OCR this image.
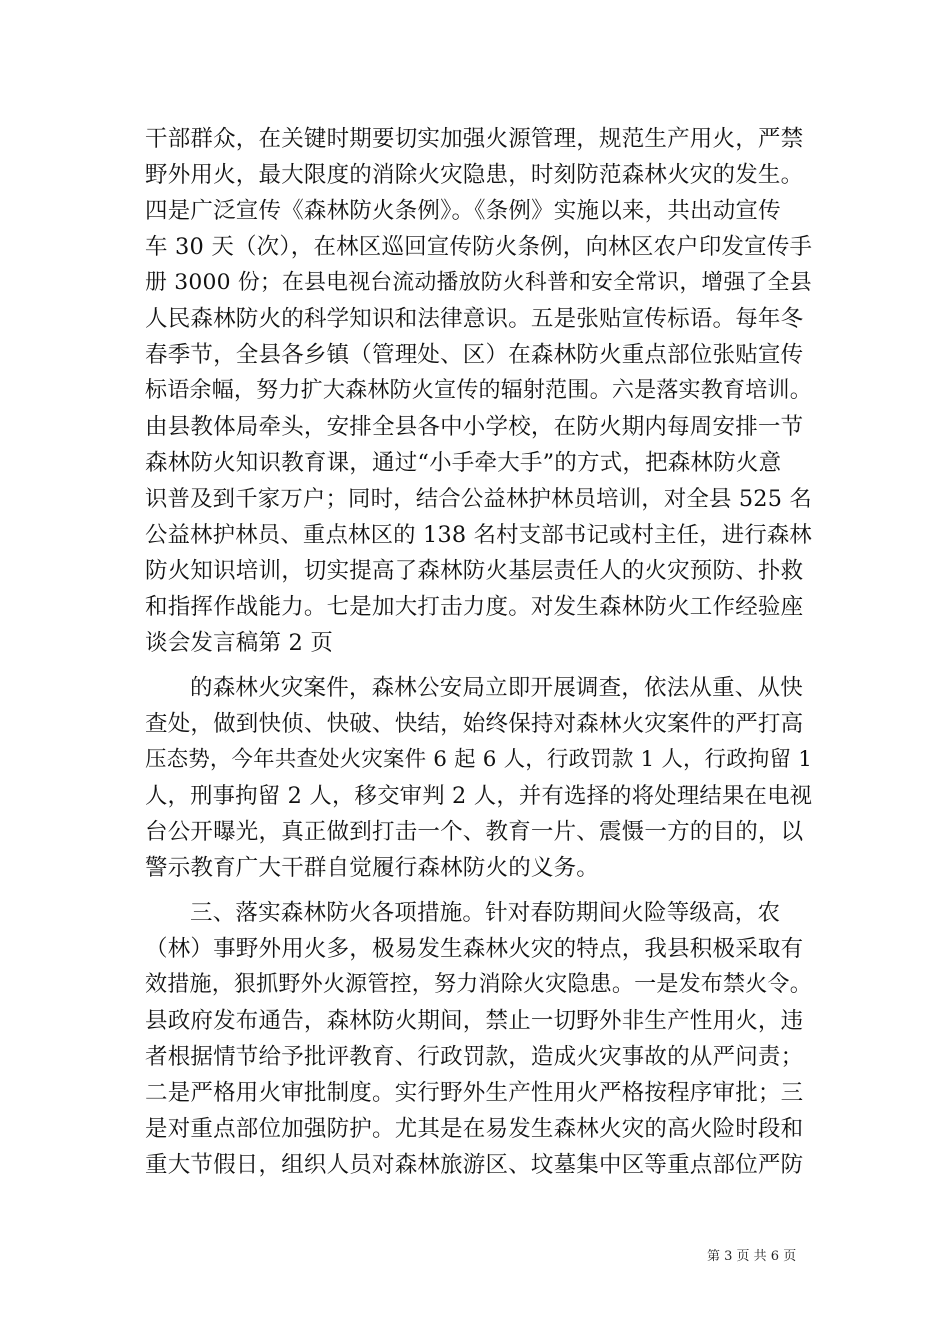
干部群众，在关键时期要切实加强火源管理，规范生产用火，严禁
野外用火，最大限度的消除火灾隐患，时刻防范森林火灾的发生。
四是广泛宣传《森林防火条例》。《条例》实施以来，共出动宣传
车 30 天（次），在林区巡回宣传防火条例，向林区农户印发宣传手
册 3000 份；在县电视台流动播放防火科普和安全常识，增强了全县
人民森林防火的科学知识和法律意识。五是张贴宣传标语。每年冬
春季节，全县各乡镇（管理处、区）在森林防火重点部位张贴宣传
标语余幅，努力扩大森林防火宣传的辐射范围。六是落实教育培训。
由县教体局牵头，安排全县各中小学校，在防火期内每周安排一节
森林防火知识教育课，通过“小手牵大手”的方式，把森林防火意
识普及到千家万户；同时，结合公益林护林员培训，对全县 525 名
公益林护林员、重点林区的 138 名村支部书记或村主任，进行森林
防火知识培训，切实提高了森林防火基层责任人的火灾预防、扑救
和指挥作战能力。七是加大打击力度。对发生森林防火工作经验座
谈会发言稿第 2 页
的森林火灾案件，森林公安局立即开展调查，依法从重、从快
查处，做到快侦、快破、快结，始终保持对森林火灾案件的严打高
压态势，今年共查处火灾案件 6 起 6 人，行政罚款 1 人，行政拘留 1
人，刑事拘留 2 人，移交审判 2 人，并有选择的将处理结果在电视
台公开曝光，真正做到打击一个、教育一片、震慑一方的目的，以
警示教育广大干群自觉履行森林防火的义务。
三、落实森林防火各项措施。针对春防期间火险等级高，农
（林）事野外用火多，极易发生森林火灾的特点，我县积极采取有
效措施，狠抓野外火源管控，努力消除火灾隐患。一是发布禁火令。
县政府发布通告，森林防火期间，禁止一切野外非生产性用火，违
者根据情节给予批评教育、行政罚款，造成火灾事故的从严问责；
二是严格用火审批制度。实行野外生产性用火严格按程序审批；三
是对重点部位加强防护。尤其是在易发生森林火灾的高火险时段和
重大节假日，组织人员对森林旅游区、坟墓集中区等重点部位严防
第 3 页 共 6 页
